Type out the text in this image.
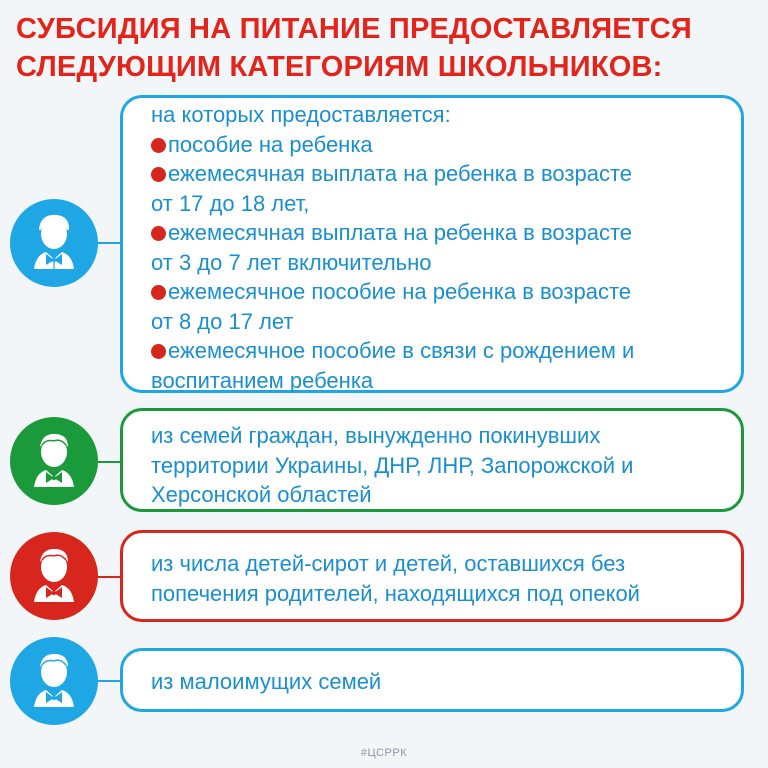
СУБСИДИЯ НА ПИТАНИЕ ПРЕДОСТАВЛЯЕТСЯ
СЛЕДУЮЩИМ КАТЕГОРИЯМ ШКОЛЬНИКОВ:
на которых предоставляется:
пособие на ребенка
ежемесячная выплата на ребенка в возрасте
от 17 до 18 лет,
ежемесячная выплата на ребенка в возрасте
от 3 до 7 лет включительно
ежемесячное пособие на ребенка в возрасте
от 8 до 17 лет
ежемесячное пособие в связи с рождением и
воспитанием ребенка
из семей граждан, вынужденно покинувших
территории Украины, ДНР, ЛНР, Запорожской и
Херсонской областей
из числа детей-сирот и детей, оставшихся без
попечения родителей, находящихся под опекой
из малоимущих семей
#ЦСРРК
